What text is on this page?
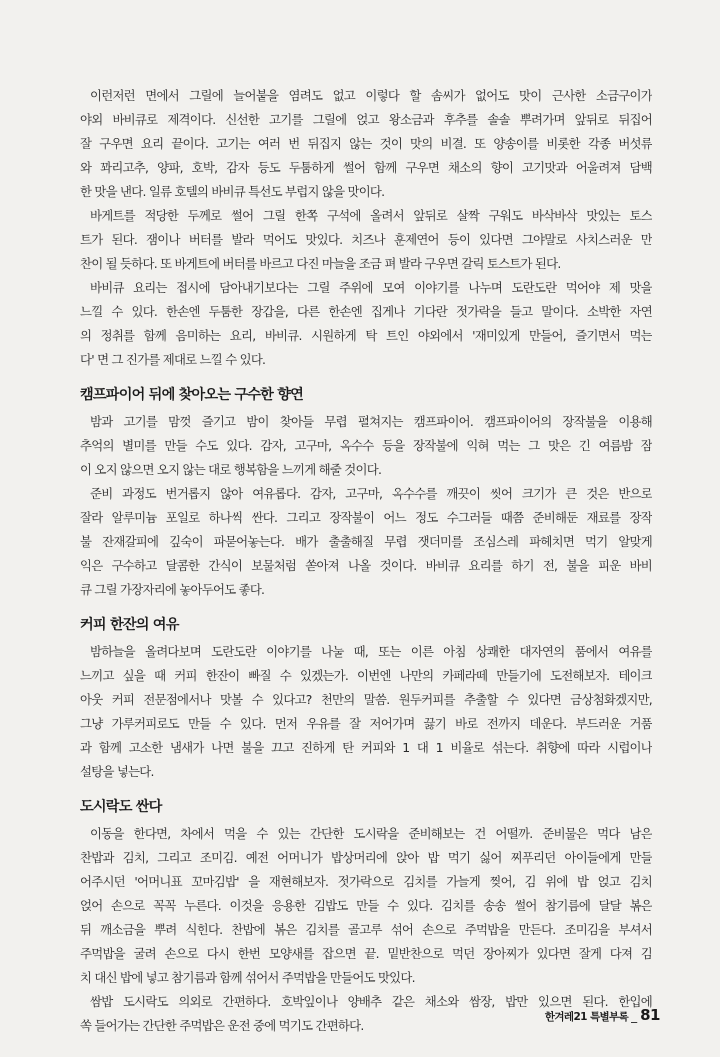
이런저런 면에서 그릴에 늘어붙을 염려도 없고 이렇다 할 솜씨가 없어도 맛이 근사한 소금구이가
야외 바비큐로 제격이다. 신선한 고기를 그릴에 얹고 왕소금과 후추를 솔솔 뿌려가며 앞뒤로 뒤집어
잘 구우면 요리 끝이다. 고기는 여러 번 뒤집지 않는 것이 맛의 비결. 또 양송이를 비롯한 각종 버섯류
와 꽈리고추, 양파, 호박, 감자 등도 두툼하게 썰어 함께 구우면 채소의 향이 고기맛과 어울려져 담백
한 맛을 낸다. 일류 호텔의 바비큐 특선도 부럽지 않을 맛이다.
바게트를 적당한 두께로 썰어 그릴 한쪽 구석에 올려서 앞뒤로 살짝 구워도 바삭바삭 맛있는 토스
트가 된다. 잼이나 버터를 발라 먹어도 맛있다. 치즈나 훈제연어 등이 있다면 그야말로 사치스러운 만
찬이 될 듯하다. 또 바게트에 버터를 바르고 다진 마늘을 조금 펴 발라 구우면 갈릭 토스트가 된다.
바비큐 요리는 접시에 담아내기보다는 그릴 주위에 모여 이야기를 나누며 도란도란 먹어야 제 맛을
느낄 수 있다. 한손엔 두툼한 장갑을, 다른 한손엔 집게나 기다란 젓가락을 들고 말이다. 소박한 자연
의 정취를 함께 음미하는 요리, 바비큐. 시원하게 탁 트인 야외에서 '재미있게 만들어, 즐기면서 먹는
다' 면 그 진가를 제대로 느낄 수 있다.
캠프파이어 뒤에 찾아오는 구수한 향연
밤과 고기를 맘껏 즐기고 밤이 찾아들 무렵 펼쳐지는 캠프파이어. 캠프파이어의 장작불을 이용해
추억의 별미를 만들 수도 있다. 감자, 고구마, 옥수수 등을 장작불에 익혀 먹는 그 맛은 긴 여름밤 잠
이 오지 않으면 오지 않는 대로 행복함을 느끼게 해줄 것이다.
준비 과정도 번거롭지 않아 여유롭다. 감자, 고구마, 옥수수를 깨끗이 씻어 크기가 큰 것은 반으로
잘라 알루미늄 포일로 하나씩 싼다. 그리고 장작불이 어느 정도 수그러들 때쯤 준비해둔 재료를 장작
불 잔재갈피에 깊숙이 파묻어놓는다. 배가 출출해질 무렵 잿더미를 조심스레 파헤치면 먹기 알맞게
익은 구수하고 달콤한 간식이 보물처럼 쏟아져 나올 것이다. 바비큐 요리를 하기 전, 불을 피운 바비
큐 그릴 가장자리에 놓아두어도 좋다.
커피 한잔의 여유
밤하늘을 올려다보며 도란도란 이야기를 나눌 때, 또는 이른 아침 상쾌한 대자연의 품에서 여유를
느끼고 싶을 때 커피 한잔이 빠질 수 있겠는가. 이번엔 나만의 카페라떼 만들기에 도전해보자. 테이크
아웃 커피 전문점에서나 맛볼 수 있다고? 천만의 말씀. 원두커피를 추출할 수 있다면 금상첨화겠지만,
그냥 가루커피로도 만들 수 있다. 먼저 우유를 잘 저어가며 끓기 바로 전까지 데운다. 부드러운 거품
과 함께 고소한 냄새가 나면 불을 끄고 진하게 탄 커피와 1 대 1 비율로 섞는다. 취향에 따라 시럽이나
설탕을 넣는다.
도시락도 싼다
이동을 한다면, 차에서 먹을 수 있는 간단한 도시락을 준비해보는 건 어떨까. 준비물은 먹다 남은
찬밥과 김치, 그리고 조미김. 예전 어머니가 밥상머리에 앉아 밥 먹기 싫어 찌푸리던 아이들에게 만들
어주시던 '어머니표 꼬마김밥' 을 재현해보자. 젓가락으로 김치를 가늘게 찢어, 김 위에 밥 얹고 김치
얹어 손으로 꼭꼭 누른다. 이것을 응용한 김밥도 만들 수 있다. 김치를 송송 썰어 참기름에 달달 볶은
뒤 깨소금을 뿌려 식힌다. 찬밥에 볶은 김치를 골고루 섞어 손으로 주먹밥을 만든다. 조미김을 부셔서
주먹밥을 굴려 손으로 다시 한번 모양새를 잡으면 끝. 밑반찬으로 먹던 장아찌가 있다면 잘게 다져 김
치 대신 밥에 넣고 참기름과 함께 섞어서 주먹밥을 만들어도 맛있다.
쌈밥 도시락도 의외로 간편하다. 호박잎이나 양배추 같은 채소와 쌈장, 밥만 있으면 된다. 한입에
쏙 들어가는 간단한 주먹밥은 운전 중에 먹기도 간편하다.
한겨레21 특별부록 _ 81
